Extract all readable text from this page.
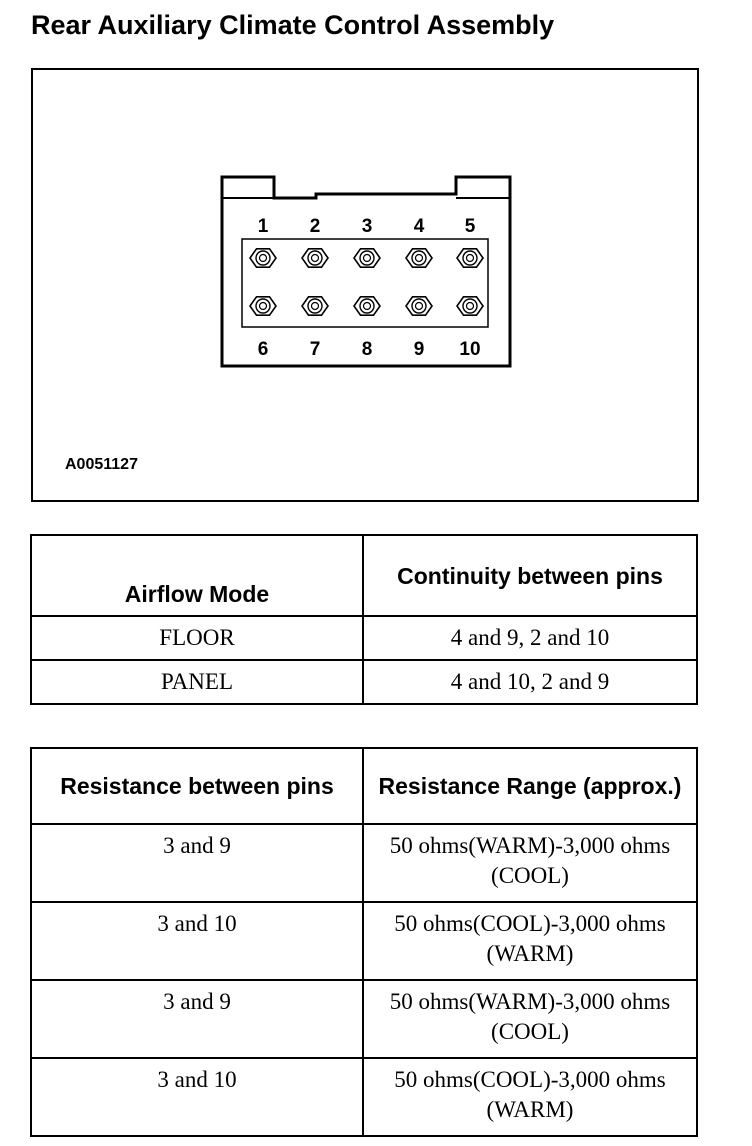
Rear Auxiliary Climate Control Assembly
1 2 3 4 5
6 7 8 9 10
A0051127
Airflow Mode	Continuity between pins
FLOOR	4 and 9, 2 and 10
PANEL	4 and 10, 2 and 9
Resistance between pins	Resistance Range (approx.)
3 and 9	50 ohms(WARM)-3,000 ohms (COOL)
3 and 10	50 ohms(COOL)-3,000 ohms (WARM)
3 and 9	50 ohms(WARM)-3,000 ohms (COOL)
3 and 10	50 ohms(COOL)-3,000 ohms (WARM)
